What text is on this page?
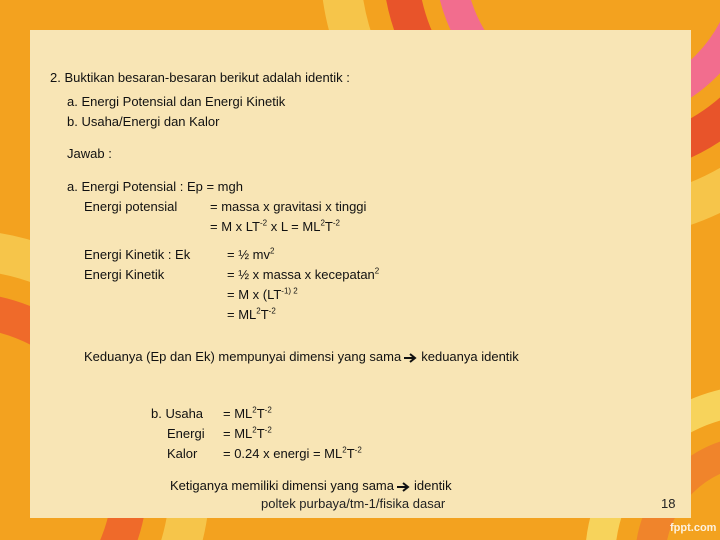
2. Buktikan besaran-besaran berikut adalah identik :
a. Energi Potensial dan Energi Kinetik
b. Usaha/Energi dan Kalor
Jawab :
a. Energi Potensial : Ep = mgh
Energi potensial	= massa x gravitasi x tinggi
= M x $LT^{-2}$ x $L = ML^2T^{-2}$
Energi Kinetik : Ek
Energi Kinetik
= ½ $mv^2$
= ½ x massa x kecepatan$^2$
= M x ($LT^{-1) 2}$
= $ML^2T^{-2}$
Keduanya (Ep dan Ek) mempunyai dimensi yang sama keduanya identik
b. Usaha
Energi
Kalor
= $ML^2T^{-2}$
= $ML^2T^{-2}$
= 0.24 x energi = $ML^2T^{-2}$
Ketiganya memiliki dimensi yang sama identik
poltek purbaya/tm-1/fisika dasar	18
fppt.com
